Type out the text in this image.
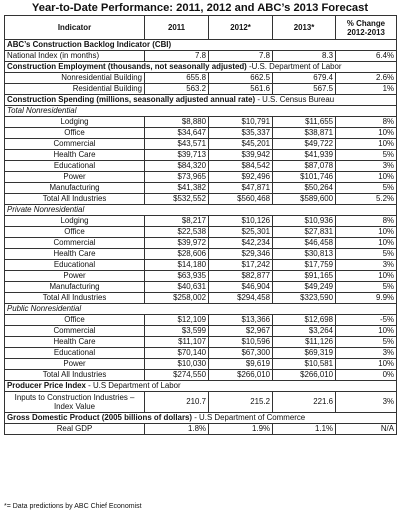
Year-to-Date Performance: 2011, 2012 and ABC’s 2013 Forecast
Indicator	2011	2012*	2013*	% Change
2012-2013
ABC’s Construction Backlog Indicator (CBI)				
National Index (in months)	7.8	7.8	8.3	6.4%
Construction Employment (thousands, not seasonally adjusted) -U.S. Department of Labor				
Nonresidential Building	655.8	662.5	679.4	2.6%
Residential Building	563.2	561.6	567.5	1%
Construction Spending (millions, seasonally adjusted annual rate) - U.S. Census Bureau				
Total Nonresidential				
Lodging	$8,880	$10,791	$11,655	8%
Office	$34,647	$35,337	$38,871	10%
Commercial	$43,571	$45,201	$49,722	10%
Health Care	$39,713	$39,942	$41,939	5%
Educational	$84,320	$84,542	$87,078	3%
Power	$73,965	$92,496	$101,746	10%
Manufacturing	$41,382	$47,871	$50,264	5%
Total All Industries	$532,552	$560,468	$589,600	5.2%
Private Nonresidential				
Lodging	$8,217	$10,126	$10,936	8%
Office	$22,538	$25,301	$27,831	10%
Commercial	$39,972	$42,234	$46,458	10%
Health Care	$28,606	$29,346	$30,813	5%
Educational	$14,180	$17,242	$17,759	3%
Power	$63,935	$82,877	$91,165	10%
Manufacturing	$40,631	$46,904	$49,249	5%
Total All Industries	$258,002	$294,458	$323,590	9.9%
Public Nonresidential				
Office	$12,109	$13,366	$12,698	-5%
Commercial	$3,599	$2,967	$3,264	10%
Health Care	$11,107	$10,596	$11,126	5%
Educational	$70,140	$67,300	$69,319	3%
Power	$10,030	$9,619	$10,581	10%
Total All Industries	$274,550	$266,010	$266,010	0%
Producer Price Index - U.S Department of Labor				
Inputs to Construction Industries – Index Value	210.7	215.2	221.6	3%
Gross Domestic Product (2005 billions of dollars) - U.S Department of Commerce				
Real GDP	1.8%	1.9%	1.1%	N/A
*= Data predictions by ABC Chief Economist
